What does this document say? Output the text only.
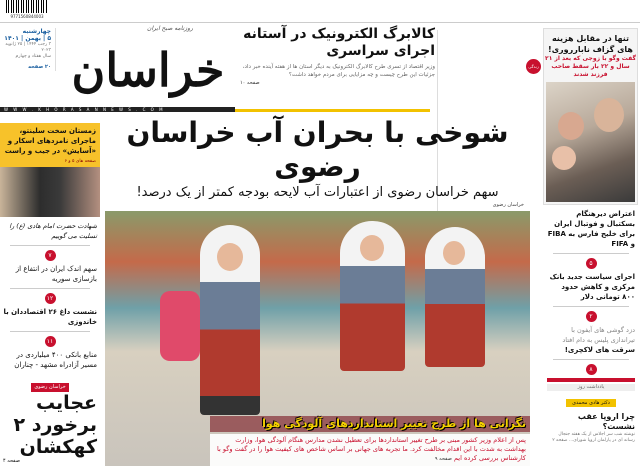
9771560844003
چهارشنبه
۵ | بهمن | ۱۴۰۱
۳ رجب ۱۴۴۴ | ۲۵ ژانویه ۲۰۲۳
سال هفتاد و چهارم
۲۰ صفحه
روزنامه صبح ایران
خراسان
کالابرگ الکترونیک در آستانه اجرای سراسری
وزیر اقتصاد از تسری طرح کالابرگ الکترونیک به دیگر استان ها از هفته آینده خبر داد، جزئیات این طرح چیست و چه مزایایی برای مردم خواهد داشت؟
صفحه ۱۰
W W W . K H O R A S A N N E W S . C O M
شوخی با بحران آب خراسان رضوی
سهم خراسان رضوی از اعتبارات آب لایحه بودجه کمتر از یک درصد!
خراسان رضوی
نگرانی ها از طرح تغییر استانداردهای آلودگی هوا
پس از اعلام وزیر کشور مبنی بر طرح تغییر استانداردها برای تعطیل نشدن مدارس هنگام آلودگی هوا، وزارت بهداشت به شدت با این اقدام مخالفت کرد. ما تجربه های جهانی بر اساس شاخص های کیفیت هوا را در گفت وگو با کارشناس بررسی کرده ایم صفحه ۹
زندگی
تنها در مقابل هزینه های گزاف نابارروری!
گفت وگو با زوجی که بعد از ۲۱ سال و ۲۲ بار سقط صاحب فرزند شدند
اعتراض دیرهنگام بسکتبال و فوتبال ایران برای خلیج فارس به FIBA و FIFA
۵
اجرای سیاست جدید بانک مرکزی و کاهش حدود ۸۰۰ تومانی دلار
۲
دزد گوشی های آیفون با تیراندازی پلیس به دام افتاد
سرقت های لاکچری!
۸
یادداشت روز
دکتر هادی محمدی
چرا اروپا عقب نشست؟
نوشته شب سر اجلاس از یک هفته جنجال رسانه ای در پارلمان اروپا شورای... صفحه ۲

زمستان سخت سلینتو، ماجرای نامزدهای اسکار و «آسایش» در جیب و راست

صفحه های ۵ و ۶
شهادت حضرت امام هادی (ع) را تسلیت می گوییم
۷
سهم اندک ایران در انتفاع از بازسازی سوریه
۱۲
نشست داغ ۲۶ اقتصاددان با خاندوزی
۱۱
منابع بانکی ۴۰۰ میلیاردی در مسیر آزادراه مشهد - چناران
خراسان رضوی
عجایب برخورد ۲ کهکشان
صفحه ۴
